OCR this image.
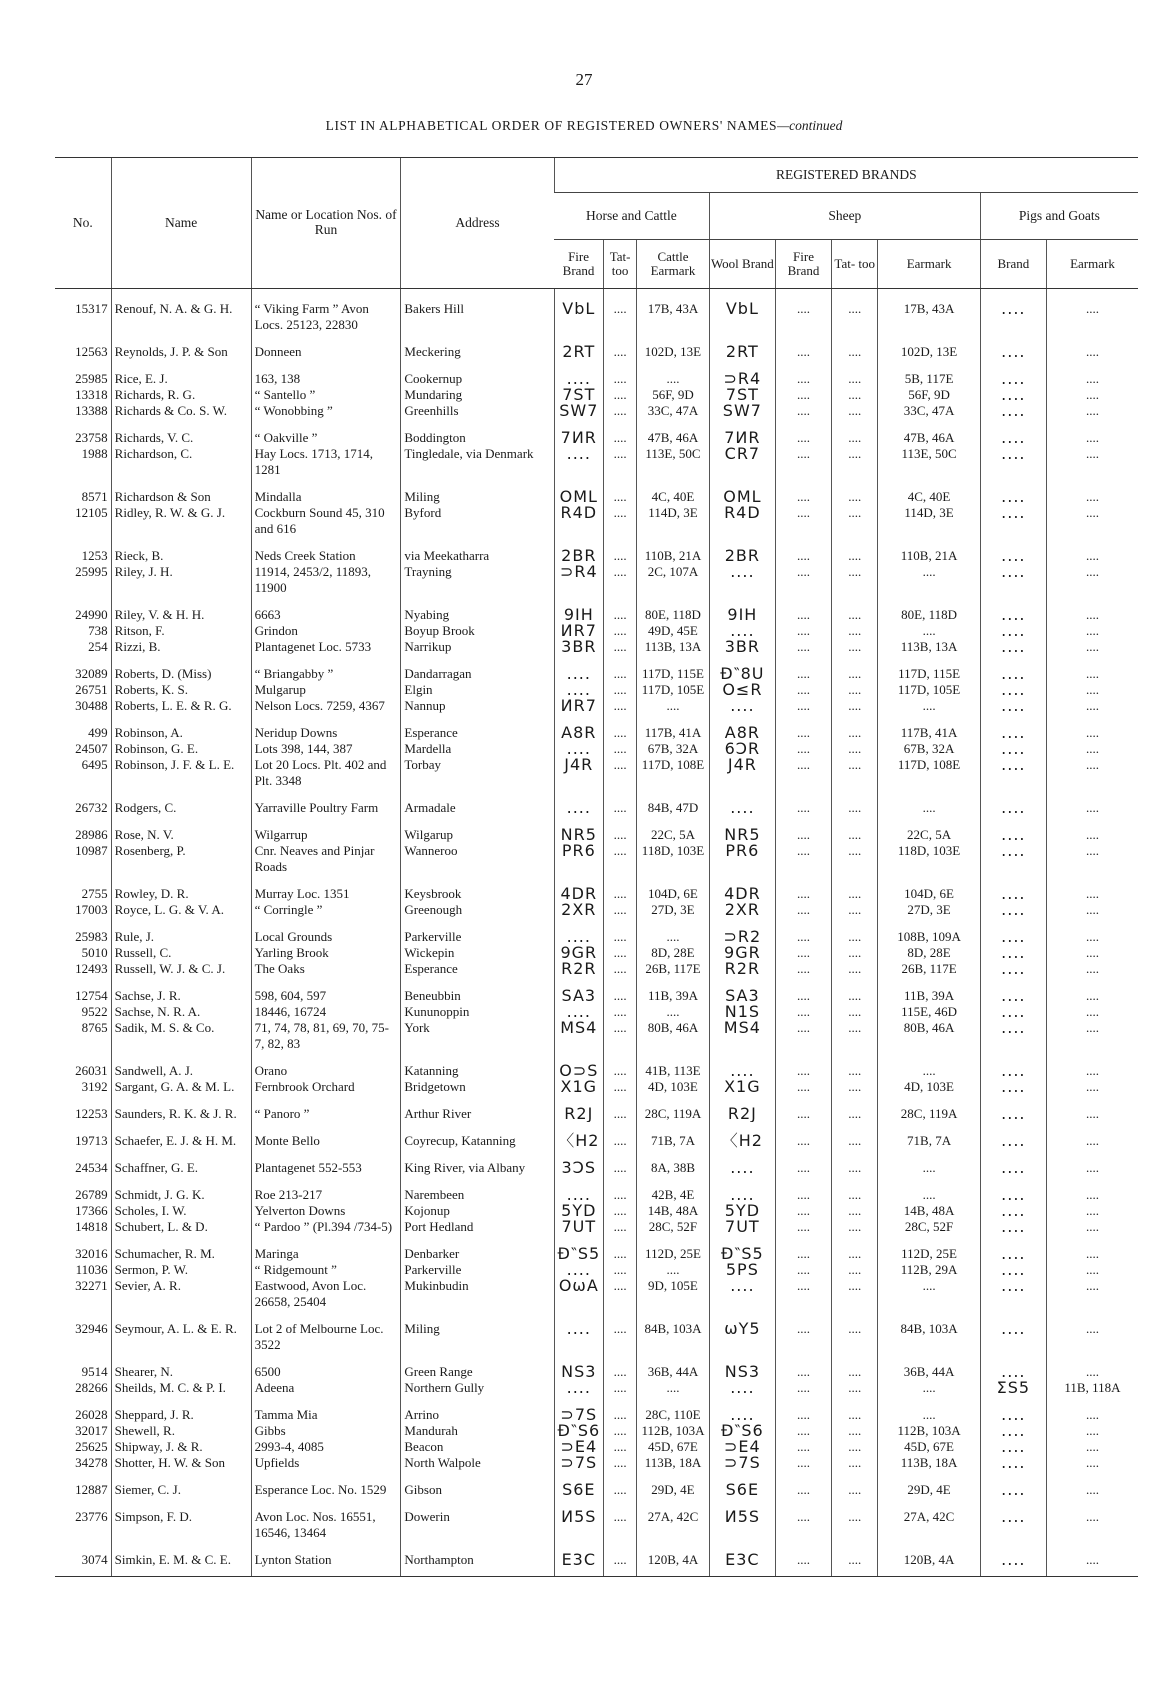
27
LIST IN ALPHABETICAL ORDER OF REGISTERED OWNERS' NAMES—continued
No.	Name	Name or Location Nos. of Run	Address	REGISTERED BRANDS								
				Horse and Cattle			Sheep				Pigs and Goats	
				Fire Brand	Tat- too	Cattle Earmark	Wool Brand	Fire Brand	Tat- too	Earmark	Brand	Earmark
15317	Renouf, N. A. & G. H.	“ Viking Farm ” Avon Locs. 25123, 22830	Bakers Hill	VbL	....	17B, 43A	VbL	....	....	17B, 43A	....	....
12563	Reynolds, J. P. & Son	Donneen	Meckering	2RT	....	102D, 13E	2RT	....	....	102D, 13E	....	....
25985	Rice, E. J.	163, 138	Cookernup	....	....	....	⊃R4	....	....	5B, 117E	....	....
13318	Richards, R. G.	“ Santello ”	Mundaring	7ST	....	56F, 9D	7ST	....	....	56F, 9D	....	....
13388	Richards & Co. S. W.	“ Wonobbing ”	Greenhills	SW7	....	33C, 47A	SW7	....	....	33C, 47A	....	....
23758	Richards, V. C.	“ Oakville ”	Boddington	7ИR	....	47B, 46A	7ИR	....	....	47B, 46A	....	....
1988	Richardson, C.	Hay Locs. 1713, 1714, 1281	Tingledale, via Denmark	....	....	113E, 50C	CR7	....	....	113E, 50C	....	....
8571	Richardson & Son	Mindalla	Miling	OML	....	4C, 40E	OML	....	....	4C, 40E	....	....
12105	Ridley, R. W. & G. J.	Cockburn Sound 45, 310 and 616	Byford	R4D	....	114D, 3E	R4D	....	....	114D, 3E	....	....
1253	Rieck, B.	Neds Creek Station	via Meekatharra	2BR	....	110B, 21A	2BR	....	....	110B, 21A	....	....
25995	Riley, J. H.	11914, 2453/2, 11893, 11900	Trayning	⊃R4	....	2C, 107A	....	....	....	....	....	....
24990	Riley, V. & H. H.	6663	Nyabing	9IH	....	80E, 118D	9IH	....	....	80E, 118D	....	....
738	Ritson, F.	Grindon	Boyup Brook	ИR7	....	49D, 45E	....	....	....	....	....	....
254	Rizzi, B.	Plantagenet Loc. 5733	Narrikup	3BR	....	113B, 13A	3BR	....	....	113B, 13A	....	....
32089	Roberts, D. (Miss)	“ Briangabby ”	Dandarragan	....	....	117D, 115E	Ɖ‶8U	....	....	117D, 115E	....	....
26751	Roberts, K. S.	Mulgarup	Elgin	....	....	117D, 105E	O≤R	....	....	117D, 105E	....	....
30488	Roberts, L. E. & R. G.	Nelson Locs. 7259, 4367	Nannup	ИR7	....	....	....	....	....	....	....	....
499	Robinson, A.	Neridup Downs	Esperance	A8R	....	117B, 41A	A8R	....	....	117B, 41A	....	....
24507	Robinson, G. E.	Lots 398, 144, 387	Mardella	....	....	67B, 32A	6ƆR	....	....	67B, 32A	....	....
6495	Robinson, J. F. & L. E.	Lot 20 Locs. Plt. 402 and Plt. 3348	Torbay	J4R	....	117D, 108E	J4R	....	....	117D, 108E	....	....
26732	Rodgers, C.	Yarraville Poultry Farm	Armadale	....	....	84B, 47D	....	....	....	....	....	....
28986	Rose, N. V.	Wilgarrup	Wilgarup	NR5	....	22C, 5A	NR5	....	....	22C, 5A	....	....
10987	Rosenberg, P.	Cnr. Neaves and Pinjar Roads	Wanneroo	PR6	....	118D, 103E	PR6	....	....	118D, 103E	....	....
2755	Rowley, D. R.	Murray Loc. 1351	Keysbrook	4DR	....	104D, 6E	4DR	....	....	104D, 6E	....	....
17003	Royce, L. G. & V. A.	“ Corringle ”	Greenough	2XR	....	27D, 3E	2XR	....	....	27D, 3E	....	....
25983	Rule, J.	Local Grounds	Parkerville	....	....	....	⊃R2	....	....	108B, 109A	....	....
5010	Russell, C.	Yarling Brook	Wickepin	9GR	....	8D, 28E	9GR	....	....	8D, 28E	....	....
12493	Russell, W. J. & C. J.	The Oaks	Esperance	R2R	....	26B, 117E	R2R	....	....	26B, 117E	....	....
12754	Sachse, J. R.	598, 604, 597	Beneubbin	SA3	....	11B, 39A	SA3	....	....	11B, 39A	....	....
9522	Sachse, N. R. A.	18446, 16724	Kununoppin	....	....	....	N1S	....	....	115E, 46D	....	....
8765	Sadik, M. S. & Co.	71, 74, 78, 81, 69, 70, 75-7, 82, 83	York	MS4	....	80B, 46A	MS4	....	....	80B, 46A	....	....
26031	Sandwell, A. J.	Orano	Katanning	O⊃S	....	41B, 113E	....	....	....	....	....	....
3192	Sargant, G. A. & M. L.	Fernbrook Orchard	Bridgetown	X1G	....	4D, 103E	X1G	....	....	4D, 103E	....	....
12253	Saunders, R. K. & J. R.	“ Panoro ”	Arthur River	R2J	....	28C, 119A	R2J	....	....	28C, 119A	....	....
19713	Schaefer, E. J. & H. M.	Monte Bello	Coyrecup, Katanning	〈H2	....	71B, 7A	〈H2	....	....	71B, 7A	....	....
24534	Schaffner, G. E.	Plantagenet 552-553	King River, via Albany	3ƆS	....	8A, 38B	....	....	....	....	....	....
26789	Schmidt, J. G. K.	Roe 213-217	Narembeen	....	....	42B, 4E	....	....	....	....	....	....
17366	Scholes, I. W.	Yelverton Downs	Kojonup	5YD	....	14B, 48A	5YD	....	....	14B, 48A	....	....
14818	Schubert, L. & D.	“ Pardoo ” (Pl.394 /734-5)	Port Hedland	7UT	....	28C, 52F	7UT	....	....	28C, 52F	....	....
32016	Schumacher, R. M.	Maringa	Denbarker	Ɖ‶S5	....	112D, 25E	Ɖ‶S5	....	....	112D, 25E	....	....
11036	Sermon, P. W.	“ Ridgemount ”	Parkerville	....	....	....	5PS	....	....	112B, 29A	....	....
32271	Sevier, A. R.	Eastwood, Avon Loc. 26658, 25404	Mukinbudin	OωA	....	9D, 105E	....	....	....	....	....	....
32946	Seymour, A. L. & E. R.	Lot 2 of Melbourne Loc. 3522	Miling	....	....	84B, 103A	ωY5	....	....	84B, 103A	....	....
9514	Shearer, N.	6500	Green Range	NS3	....	36B, 44A	NS3	....	....	36B, 44A	....	....
28266	Sheilds, M. C. & P. I.	Adeena	Northern Gully	....	....	....	....	....	....	....	ΣS5	11B, 118A
26028	Sheppard, J. R.	Tamma Mia	Arrino	⊃7S	....	28C, 110E	....	....	....	....	....	....
32017	Shewell, R.	Gibbs	Mandurah	Ɖ‶S6	....	112B, 103A	Ɖ‶S6	....	....	112B, 103A	....	....
25625	Shipway, J. & R.	2993-4, 4085	Beacon	⊃E4	....	45D, 67E	⊃E4	....	....	45D, 67E	....	....
34278	Shotter, H. W. & Son	Upfields	North Walpole	⊃7S	....	113B, 18A	⊃7S	....	....	113B, 18A	....	....
12887	Siemer, C. J.	Esperance Loc. No. 1529	Gibson	S6E	....	29D, 4E	S6E	....	....	29D, 4E	....	....
23776	Simpson, F. D.	Avon Loc. Nos. 16551, 16546, 13464	Dowerin	И5S	....	27A, 42C	И5S	....	....	27A, 42C	....	....
3074	Simkin, E. M. & C. E.	Lynton Station	Northampton	E3C	....	120B, 4A	E3C	....	....	120B, 4A	....	....
